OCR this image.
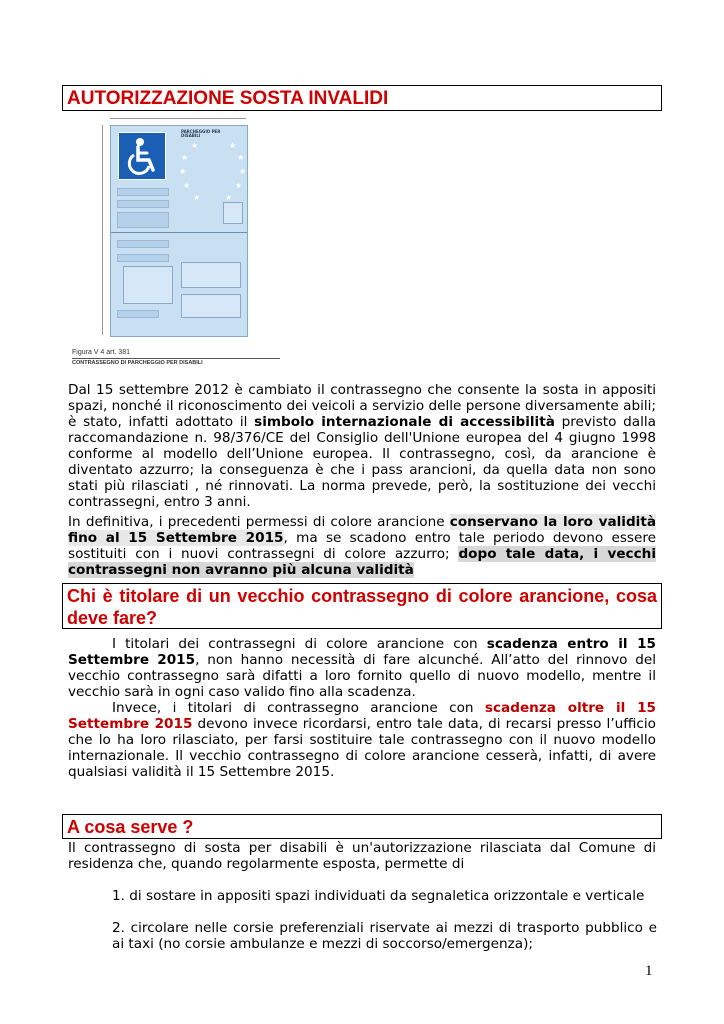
AUTORIZZAZIONE SOSTA INVALIDI
PARCHEGGIO PER DISABILI
★	★
★	★
★	★
★	★
★	★
Figura V 4 art. 381
CONTRASSEGNO DI PARCHEGGIO PER DISABILI

Dal 15 settembre 2012 è cambiato il contrassegno che consente la sosta in appositi spazi, nonché il riconoscimento dei veicoli a servizio delle persone diversamente abili; è stato, infatti adottato il simbolo internazionale di accessibilità previsto dalla raccomandazione n. 98/376/CE del Consiglio dell'Unione europea del 4 giugno 1998 conforme al modello dell’Unione europea. Il contrassegno, così, da arancione è diventato azzurro; la conseguenza è che i pass arancioni, da quella data non sono stati più rilasciati , né rinnovati. La norma prevede, però, la sostituzione dei vecchi contrassegni, entro 3 anni.

In definitiva, i precedenti permessi di colore arancione conservano la loro validità fino al 15 Settembre 2015, ma se scadono entro tale periodo devono essere sostituiti con i nuovi contrassegni di colore azzurro; dopo tale data, i vecchi contrassegni non avranno più alcuna validità

Chi è titolare di un vecchio contrassegno di colore arancione, cosa deve fare?

I titolari dei contrassegni di colore arancione con scadenza entro il 15 Settembre 2015, non hanno necessità di fare alcunché. All’atto del rinnovo del vecchio contrassegno sarà difatti a loro fornito quello di nuovo modello, mentre il vecchio sarà in ogni caso valido fino alla scadenza.

Invece, i titolari di contrassegno arancione con scadenza oltre il 15 Settembre 2015 devono invece ricordarsi, entro tale data, di recarsi presso l’ufficio che lo ha loro rilasciato, per farsi sostituire tale contrassegno con il nuovo modello internazionale. Il vecchio contrassegno di colore arancione cesserà, infatti, di avere qualsiasi validità il 15 Settembre 2015.

A cosa serve ?

Il contrassegno di sosta per disabili è un'autorizzazione rilasciata dal Comune di residenza che, quando regolarmente esposta, permette di

1. di sostare in appositi spazi individuati da segnaletica orizzontale e verticale

2. circolare nelle corsie preferenziali riservate ai mezzi di trasporto pubblico e ai taxi (no corsie ambulanze e mezzi di soccorso/emergenza);

1
